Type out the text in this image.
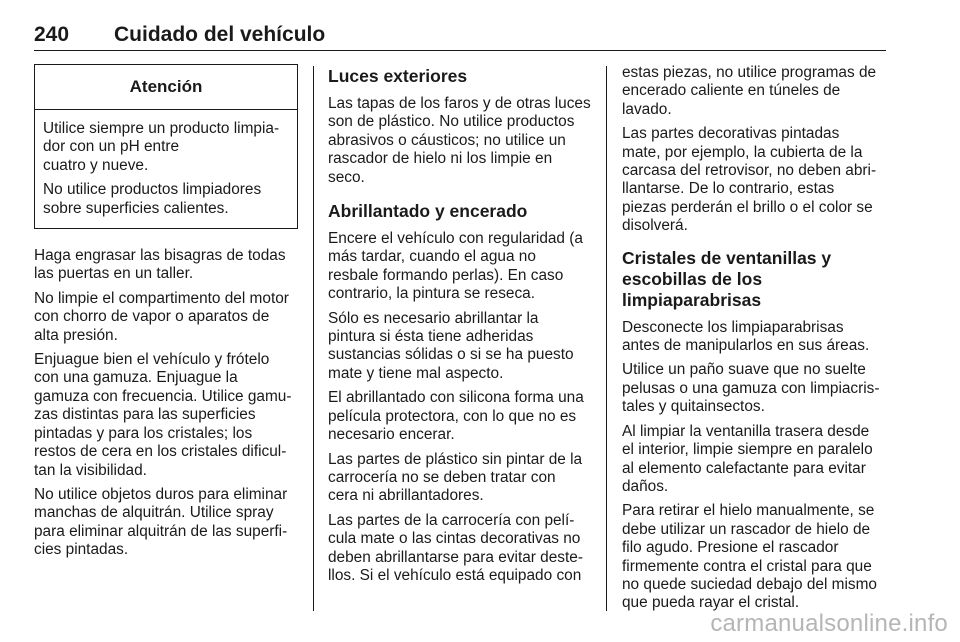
240 Cuidado del vehículo
Atención

Utilice siempre un producto limpia-
dor con un pH entre
cuatro y nueve.

No utilice productos limpiadores
sobre superficies calientes.

Haga engrasar las bisagras de todas
las puertas en un taller.

No limpie el compartimento del motor
con chorro de vapor o aparatos de
alta presión.

Enjuague bien el vehículo y frótelo
con una gamuza. Enjuague la
gamuza con frecuencia. Utilice gamu-
zas distintas para las superficies
pintadas y para los cristales; los
restos de cera en los cristales dificul-
tan la visibilidad.

No utilice objetos duros para eliminar
manchas de alquitrán. Utilice spray
para eliminar alquitrán de las superfi-
cies pintadas.

Luces exteriores

Las tapas de los faros y de otras luces
son de plástico. No utilice productos
abrasivos o cáusticos; no utilice un
rascador de hielo ni los limpie en
seco.

Abrillantado y encerado

Encere el vehículo con regularidad (a
más tardar, cuando el agua no
resbale formando perlas). En caso
contrario, la pintura se reseca.

Sólo es necesario abrillantar la
pintura si ésta tiene adheridas
sustancias sólidas o si se ha puesto
mate y tiene mal aspecto.

El abrillantado con silicona forma una
película protectora, con lo que no es
necesario encerar.

Las partes de plástico sin pintar de la
carrocería no se deben tratar con
cera ni abrillantadores.

Las partes de la carrocería con pelí-
cula mate o las cintas decorativas no
deben abrillantarse para evitar deste-
llos. Si el vehículo está equipado con

estas piezas, no utilice programas de
encerado caliente en túneles de
lavado.

Las partes decorativas pintadas
mate, por ejemplo, la cubierta de la
carcasa del retrovisor, no deben abri-
llantarse. De lo contrario, estas
piezas perderán el brillo o el color se
disolverá.

Cristales de ventanillas y
escobillas de los limpiaparabrisas

Desconecte los limpiaparabrisas
antes de manipularlos en sus áreas.

Utilice un paño suave que no suelte
pelusas o una gamuza con limpiacris-
tales y quitainsectos.

Al limpiar la ventanilla trasera desde
el interior, limpie siempre en paralelo
al elemento calefactante para evitar
daños.

Para retirar el hielo manualmente, se
debe utilizar un rascador de hielo de
filo agudo. Presione el rascador
firmemente contra el cristal para que
no quede suciedad debajo del mismo
que pueda rayar el cristal.

carmanualsonline.info
